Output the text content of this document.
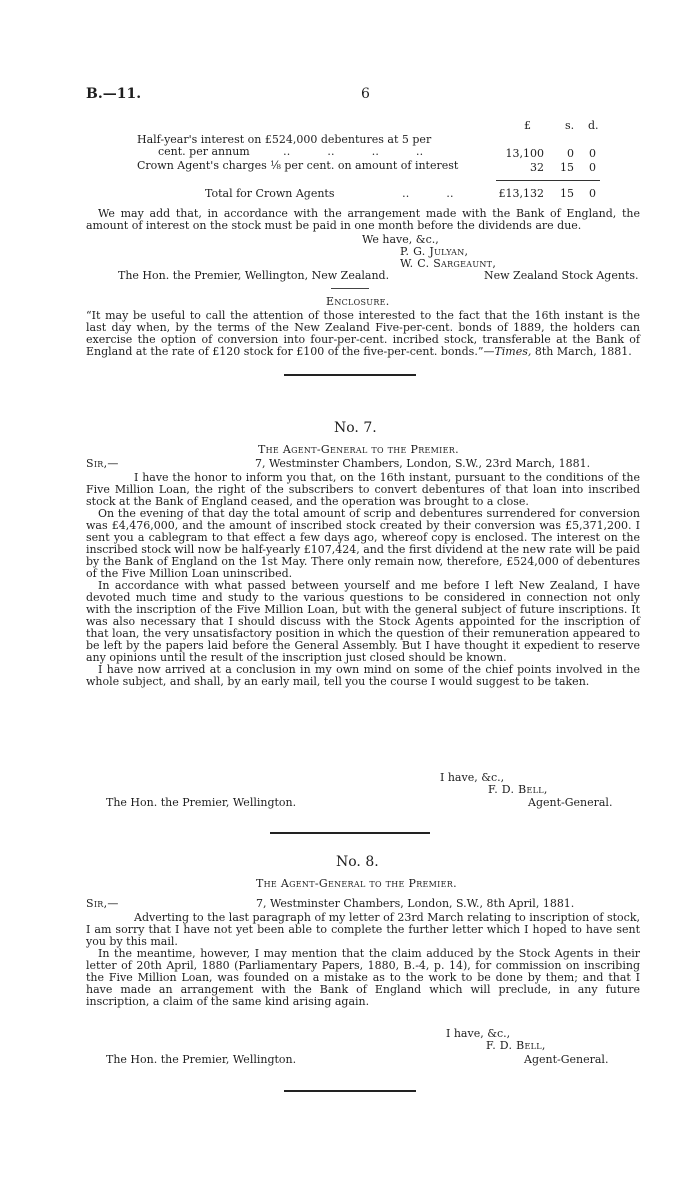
B.—11.	6
£	s. d.
Half-year's interest on £524,000 debentures at 5 per
cent. per annum	‥        ‥        ‥        ‥	13,100	0	0
Crown Agent's charges ⅛ per cent. on amount of interest	32	15	0
Total for Crown Agents	‥        ‥	£13,132	15	0

We may add that, in accordance with the arrangement made with the Bank of England, the amount of interest on the stock must be paid in one month before the dividends are due.

We have, &c.,
P. G. Julyan,
W. C. Sargeaunt,
The Hon. the Premier, Wellington, New Zealand.	New Zealand Stock Agents.
Enclosure.

“It may be useful to call the attention of those interested to the fact that the 16th instant is the last day when, by the terms of the New Zealand Five-per-cent. bonds of 1889, the holders can exercise the option of conversion into four-per-cent. incribed stock, transferable at the Bank of England at the rate of £120 stock for £100 of the five-per-cent. bonds.”—Times, 8th March, 1881.

No. 7.
The Agent-General to the Premier.
Sir,—	7, Westminster Chambers, London, S.W., 23rd March, 1881.

I have the honor to inform you that, on the 16th instant, pursuant to the conditions of the Five Million Loan, the right of the subscribers to convert debentures of that loan into inscribed stock at the Bank of England ceased, and the operation was brought to a close.

On the evening of that day the total amount of scrip and debentures surrendered for conversion was £4,476,000, and the amount of inscribed stock created by their conversion was £5,371,200. I sent you a cablegram to that effect a few days ago, whereof copy is enclosed. The interest on the inscribed stock will now be half-yearly £107,424, and the first dividend at the new rate will be paid by the Bank of England on the 1st May. There only remain now, therefore, £524,000 of debentures of the Five Million Loan uninscribed.

In accordance with what passed between yourself and me before I left New Zealand, I have devoted much time and study to the various questions to be considered in connection not only with the inscription of the Five Million Loan, but with the general subject of future inscriptions. It was also necessary that I should discuss with the Stock Agents appointed for the inscription of that loan, the very unsatisfactory position in which the question of their remuneration appeared to be left by the papers laid before the General Assembly. But I have thought it expedient to reserve any opinions until the result of the inscription just closed should be known.

I have now arrived at a conclusion in my own mind on some of the chief points involved in the whole subject, and shall, by an early mail, tell you the course I would suggest to be taken.

I have, &c.,
F. D. Bell,
The Hon. the Premier, Wellington.	Agent-General.
No. 8.
The Agent-General to the Premier.
Sir,—	7, Westminster Chambers, London, S.W., 8th April, 1881.

Adverting to the last paragraph of my letter of 23rd March relating to inscription of stock, I am sorry that I have not yet been able to complete the further letter which I hoped to have sent you by this mail.

In the meantime, however, I may mention that the claim adduced by the Stock Agents in their letter of 20th April, 1880 (Parliamentary Papers, 1880, B.-4, p. 14), for commission on inscribing the Five Million Loan, was founded on a mistake as to the work to be done by them; and that I have made an arrangement with the Bank of England which will preclude, in any future inscription, a claim of the same kind arising again.

I have, &c.,
F. D. Bell,
The Hon. the Premier, Wellington.	Agent-General.
